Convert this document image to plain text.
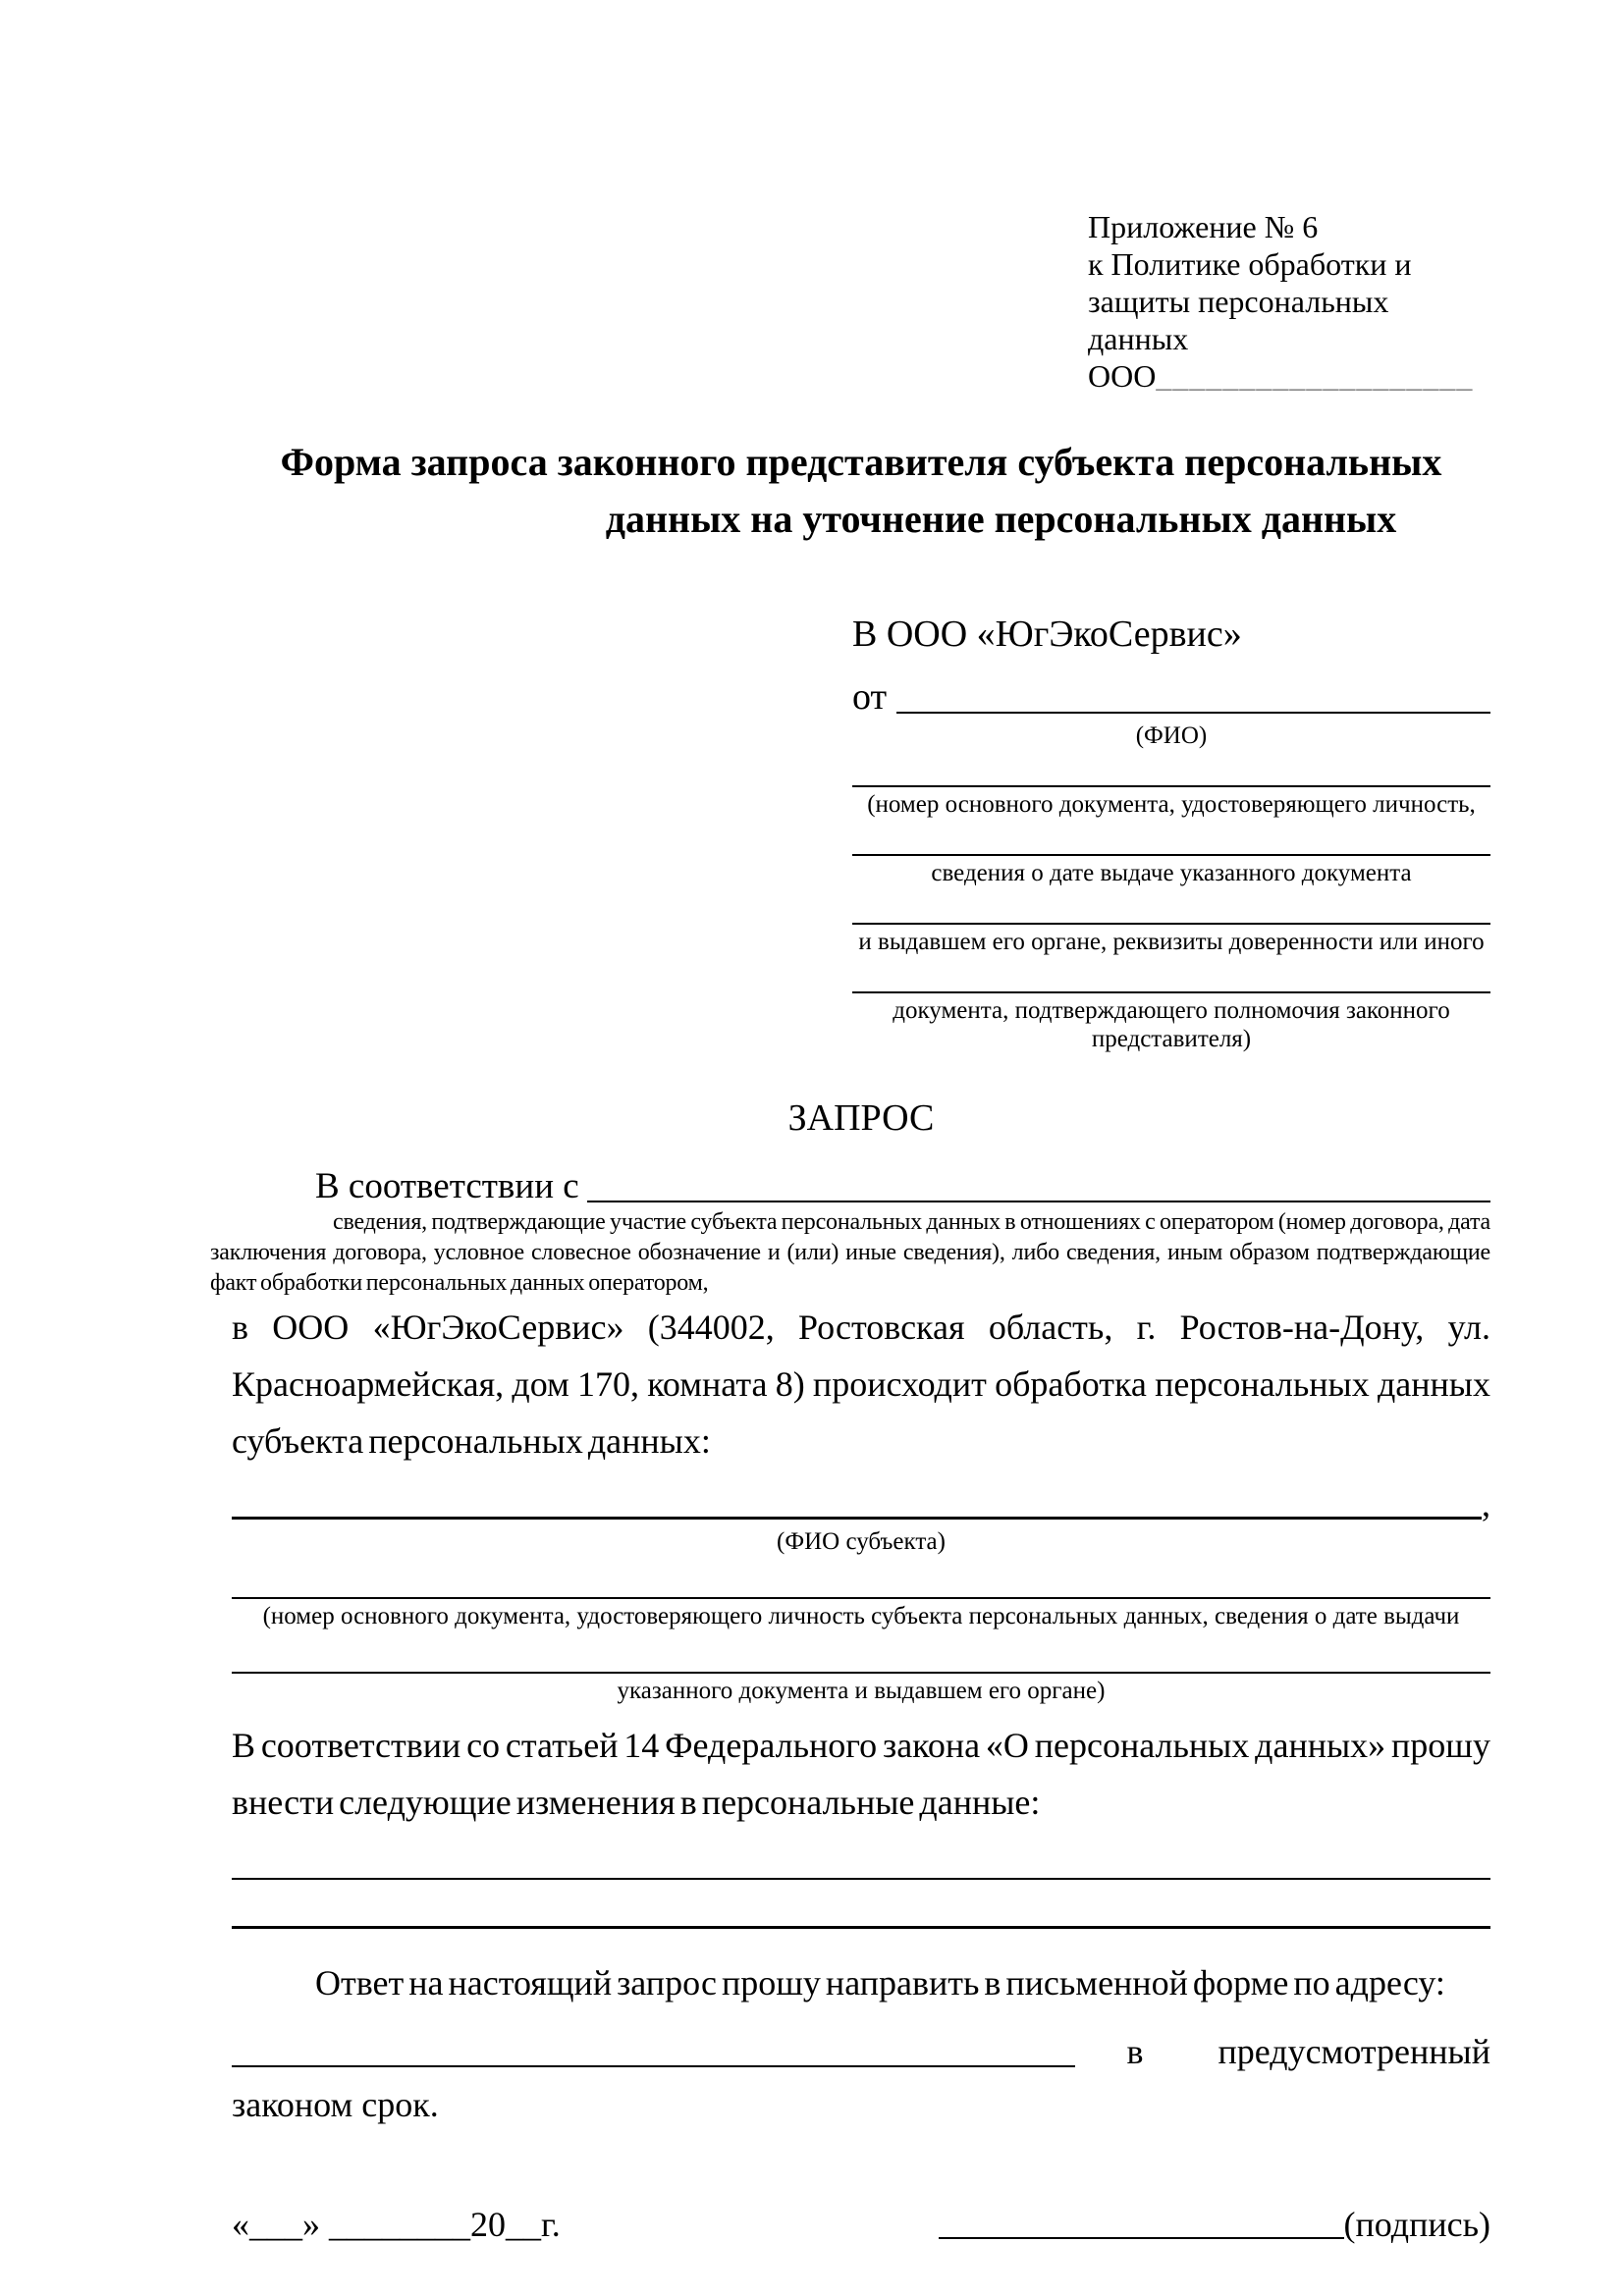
Приложение № 6
к Политике обработки и
защиты персональных данных
ООО___________________
Форма запроса законного представителя субъекта персональных
данных на уточнение персональных данных
В ООО «ЮгЭкоСервис»
от
(ФИО)
(номер основного документа, удостоверяющего личность,
сведения о дате выдаче указанного документа
и выдавшем его органе, реквизиты доверенности или иного
документа, подтверждающего полномочия законного представителя)
ЗАПРОС
В соответствии с
сведения, подтверждающие участие субъекта персональных данных в отношениях с оператором (номер договора, дата заключения договора, условное словесное обозначение и (или) иные сведения), либо сведения, иным образом подтверждающие факт обработки персональных данных оператором,
в ООО «ЮгЭкоСервис» (344002, Ростовская область, г. Ростов-на-Дону, ул. Красноармейская, дом 170, комната 8) происходит обработка персональных данных субъекта персональных данных:
,
(ФИО субъекта)
(номер основного документа, удостоверяющего личность субъекта персональных данных, сведения о дате выдачи
указанного документа и выдавшем его органе)
В соответствии со статьей 14 Федерального закона «О персональных данных» прошу внести следующие изменения в персональные данные:
Ответ на настоящий запрос прошу направить в письменной форме по адресу:
в предусмотренный
законом срок.
«___» ________20__г.	(подпись)
